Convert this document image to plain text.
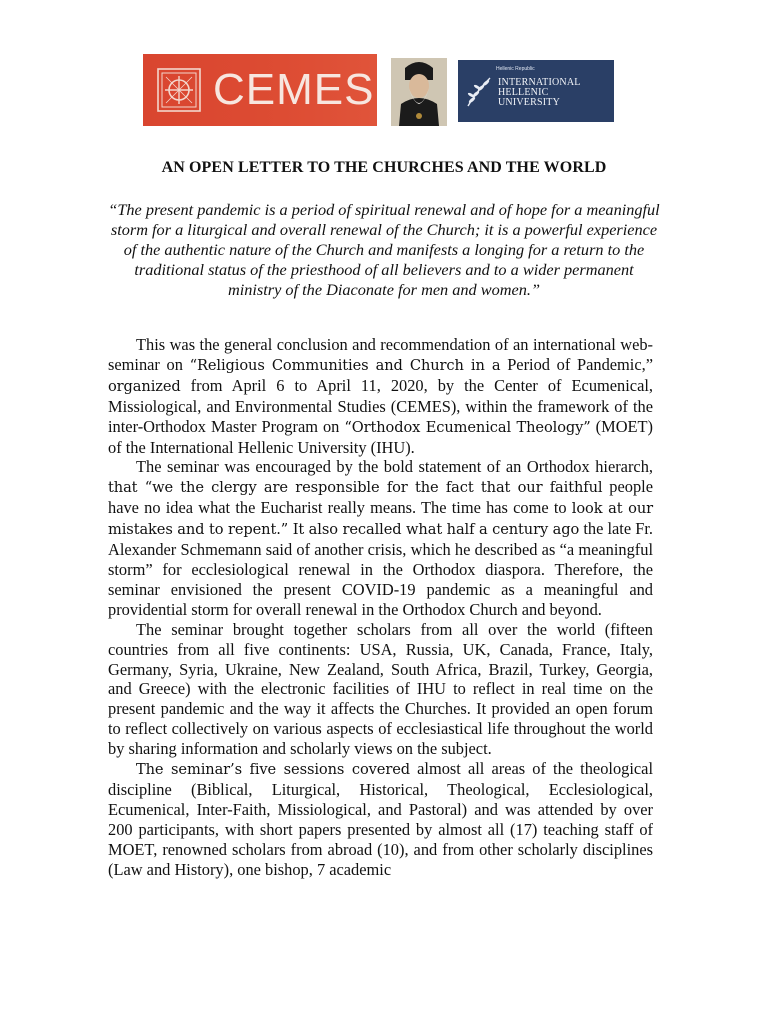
CEMES	Hellenic Republic
INTERNATIONAL
HELLENIC
UNIVERSITY
AN OPEN LETTER TO THE CHURCHES AND THE WORLD
“The present pandemic is a period of spiritual renewal and of hope for a meaningful storm for a liturgical and overall renewal of the Church; it is a powerful experience of the authentic nature of the Church and manifests a longing for a return to the traditional status of the priesthood of all believers and to a wider permanent ministry of the Diaconate for men and women.”

This was the general conclusion and recommendation of an international web-seminar on “Religious Communities and Church in a Period of Pandemic,” organized from April 6 to April 11, 2020, by the Center of Ecumenical, Missiological, and Environmental Studies (CEMES), within the framework of the inter-Orthodox Master Program on “Orthodox Ecumenical Theology” (MOET) of the International Hellenic University (IHU).

The seminar was encouraged by the bold statement of an Orthodox hierarch, that “we the clergy are responsible for the fact that our faithful people have no idea what the Eucharist really means. The time has come to look at our mistakes and to repent.” It also recalled what half a century ago the late Fr. Alexander Schmemann said of another crisis, which he described as “a meaningful storm” for ecclesiological renewal in the Orthodox diaspora. Therefore, the seminar envisioned the present COVID-19 pandemic as a meaningful and providential storm for overall renewal in the Orthodox Church and beyond.

The seminar brought together scholars from all over the world (fifteen countries from all five continents: USA, Russia, UK, Canada, France, Italy, Germany, Syria, Ukraine, New Zealand, South Africa, Brazil, Turkey, Georgia, and Greece) with the electronic facilities of IHU to reflect in real time on the present pandemic and the way it affects the Churches. It provided an open forum to reflect collectively on various aspects of ecclesiastical life throughout the world by sharing information and scholarly views on the subject.

The seminar’s five sessions covered almost all areas of the theological discipline (Biblical, Liturgical, Historical, Theological, Ecclesiological, Ecumenical, Inter-Faith, Missiological, and Pastoral) and was attended by over 200 participants, with short papers presented by almost all (17) teaching staff of MOET, renowned scholars from abroad (10), and from other scholarly disciplines (Law and History), one bishop, 7 academic
